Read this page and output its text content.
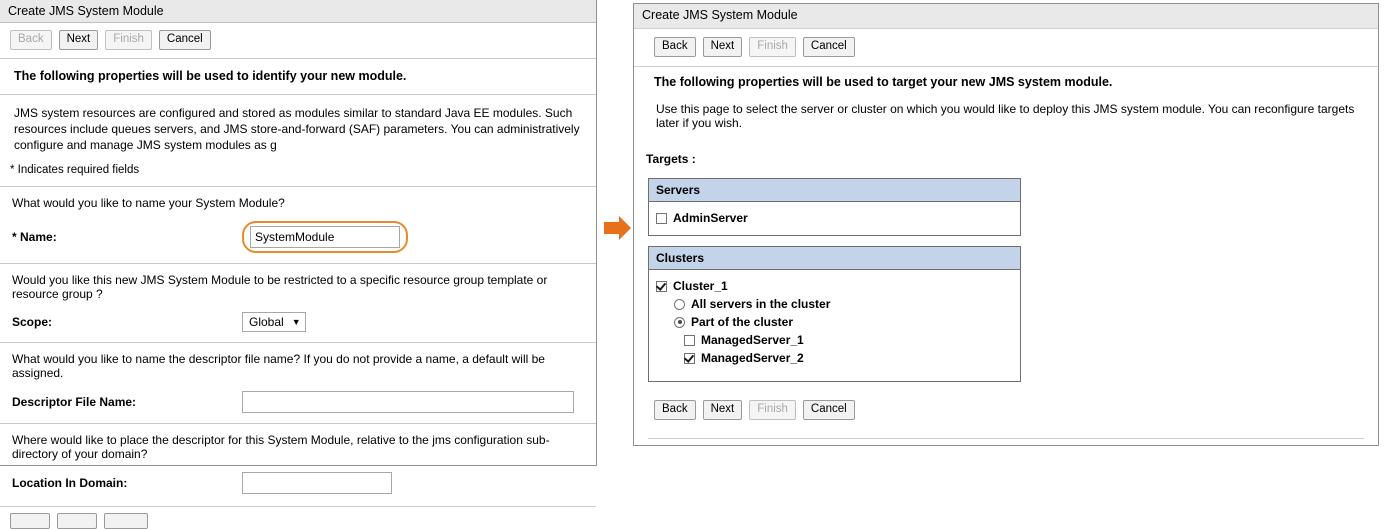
Create JMS System Module
Back	Next	Finish	Cancel
The following properties will be used to identify your new module.
JMS system resources are configured and stored as modules similar to standard Java EE modules. Such resources include queues servers, and JMS store-and-forward (SAF) parameters. You can administratively configure and manage JMS system modules as g
* Indicates required fields
What would you like to name your System Module?
* Name:
SystemModule
Would you like this new JMS System Module to be restricted to a specific resource group template or resource group ?
Scope:	Global ▼
What would you like to name the descriptor file name? If you do not provide a name, a default will be assigned.
Descriptor File Name:
Where would like to place the descriptor for this System Module, relative to the jms configuration sub-directory of your domain?
Location In Domain:
Create JMS System Module
Back	Next	Finish	Cancel
The following properties will be used to target your new JMS system module.
Use this page to select the server or cluster on which you would like to deploy this JMS system module. You can reconfigure targets later if you wish.
Targets :
Servers
AdminServer
Clusters
Cluster_1
All servers in the cluster
Part of the cluster
ManagedServer_1
ManagedServer_2
Back	Next	Finish	Cancel
